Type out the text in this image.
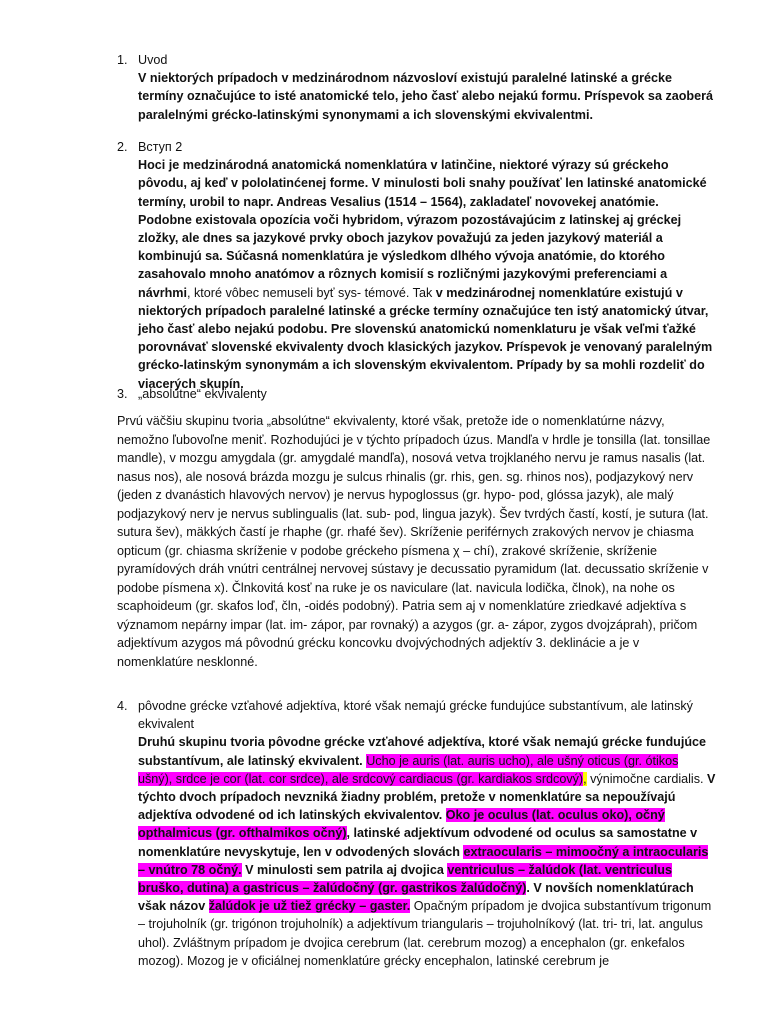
1. Uvod
V niektorých prípadoch v medzinárodnom názvosloví existujú paralelné latinské a grécke termíny označujúce to isté anatomické telo, jeho časť alebo nejakú formu. Príspevok sa zaoberá paralelnými grécko-latinskými synonymami a ich slovenskými ekvivalentmi.
2. Вступ 2
Hoci je medzinárodná anatomická nomenklatúra v latinčine, niektoré výrazy sú gréckeho pôvodu, aj keď v pololatinćenej forme. V minulosti boli snahy používať len latinské anatomické termíny, urobil to napr. Andreas Vesalius (1514 – 1564), zakladateľ novovekej anatómie. Podobne existovala opozícia voči hybridom, výrazom pozostávajúcim z latinskej aj gréckej zložky, ale dnes sa jazykové prvky oboch jazykov považujú za jeden jazykový materiál a kombinujú sa. Súčasná nomenklatúra je výsledkom dlhého vývoja anatómie, do ktorého zasahovalo mnoho anatómov a rôznych komisií s rozličnými jazykovými preferenciami a návrhmi, ktoré vôbec nemuseli byť sys- témové. Tak v medzinárodnej nomenklatúre existujú v niektorých prípadoch paralelné latinské a grécke termíny označujúce ten istý anatomický útvar, jeho časť alebo nejakú podobu. Pre slovenskú anatomickú nomenklaturu je však veľmi ťažké porovnávať slovenské ekvivalenty dvoch klasických jazykov. Príspevok je venovaný paralelným grécko-latinským synonymám a ich slovenským ekvivalentom. Prípady by sa mohli rozdeliť do viacerých skupín.
3. „absolútne“ ekvivalenty

Prvú väčšiu skupinu tvoria „absolútne“ ekvivalenty, ktoré však, pretože ide o nomenklatúrne názvy, nemožno ľubovoľne meniť. Rozhodujúci je v týchto prípadoch úzus. Mandľa v hrdle je tonsilla (lat. tonsillae mandle), v mozgu amygdala (gr. amygdalé mandľa), nosová vetva trojklaného nervu je ramus nasalis (lat. nasus nos), ale nosová brázda mozgu je sulcus rhinalis (gr. rhis, gen. sg. rhinos nos), podjazykový nerv (jeden z dvanástich hlavových nervov) je nervus hypoglossus (gr. hypo- pod, glóssa jazyk), ale malý podjazykový nerv je nervus sublingualis (lat. sub- pod, lingua jazyk). Šev tvrdých častí, kostí, je sutura (lat. sutura šev), mäkkých častí je rhaphe (gr. rhafé šev). Skríženie periférnych zrakových nervov je chiasma opticum (gr. chiasma skríženie v podobe gréckeho písmena χ – chí), zrakové skríženie, skríženie pyramídových dráh vnútri centrálnej nervovej sústavy je decussatio pyramidum (lat. decussatio skríženie v podobe písmena x). Člnkovitá kosť na ruke je os naviculare (lat. navicula lodička, člnok), na nohe os scaphoideum (gr. skafos loď, čln, -oidés podobný). Patria sem aj v nomenklatúre zriedkavé adjektíva s významom nepárny impar (lat. im- zápor, par rovnaký) a azygos (gr. a- zápor, zygos dvojzáprah), pričom adjektívum azygos má pôvodnú grécku koncovku dvojvýchodných adjektív 3. deklinácie a je v nomenklatúre nesklonné.

4. pôvodne grécke vzťahové adjektíva, ktoré však nemajú grécke fundujúce substantívum, ale latinský ekvivalent
Druhú skupinu tvoria pôvodne grécke vzťahové adjektíva, ktoré však nemajú grécke fundujúce substantívum, ale latinský ekvivalent. Ucho je auris (lat. auris ucho), ale ušný oticus (gr. ótikos ušný), srdce je cor (lat. cor srdce), ale srdcový cardiacus (gr. kardiakos srdcový), výnimočne cardialis. V týchto dvoch prípadoch nevzniká žiadny problém, pretože v nomenklatúre sa nepoužívajú adjektíva odvodené od ich latinských ekvivalentov. Oko je oculus (lat. oculus oko), očný opthalmicus (gr. ofthalmikos očný), latinské adjektívum odvodené od oculus sa samostatne v nomenklatúre nevyskytuje, len v odvodených slovách extraocularis – mimoočný a intraocularis – vnútro 78 očný. V minulosti sem patrila aj dvojica ventriculus – žalúdok (lat. ventriculus bruško, dutina) a gastricus – žalúdočný (gr. gastrikos žalúdočný). V novších nomenklatúrach však názov žalúdok je už tiež grécky – gaster. Opačným prípadom je dvojica substantívum trigonum – trojuholník (gr. trigónon trojuholník) a adjektívum triangularis – trojuholníkový (lat. tri- tri, lat. angulus uhol). Zvláštnym prípadom je dvojica cerebrum (lat. cerebrum mozog) a encephalon (gr. enkefalos mozog). Mozog je v oficiálnej nomenklatúre grécky encephalon, latinské cerebrum je
